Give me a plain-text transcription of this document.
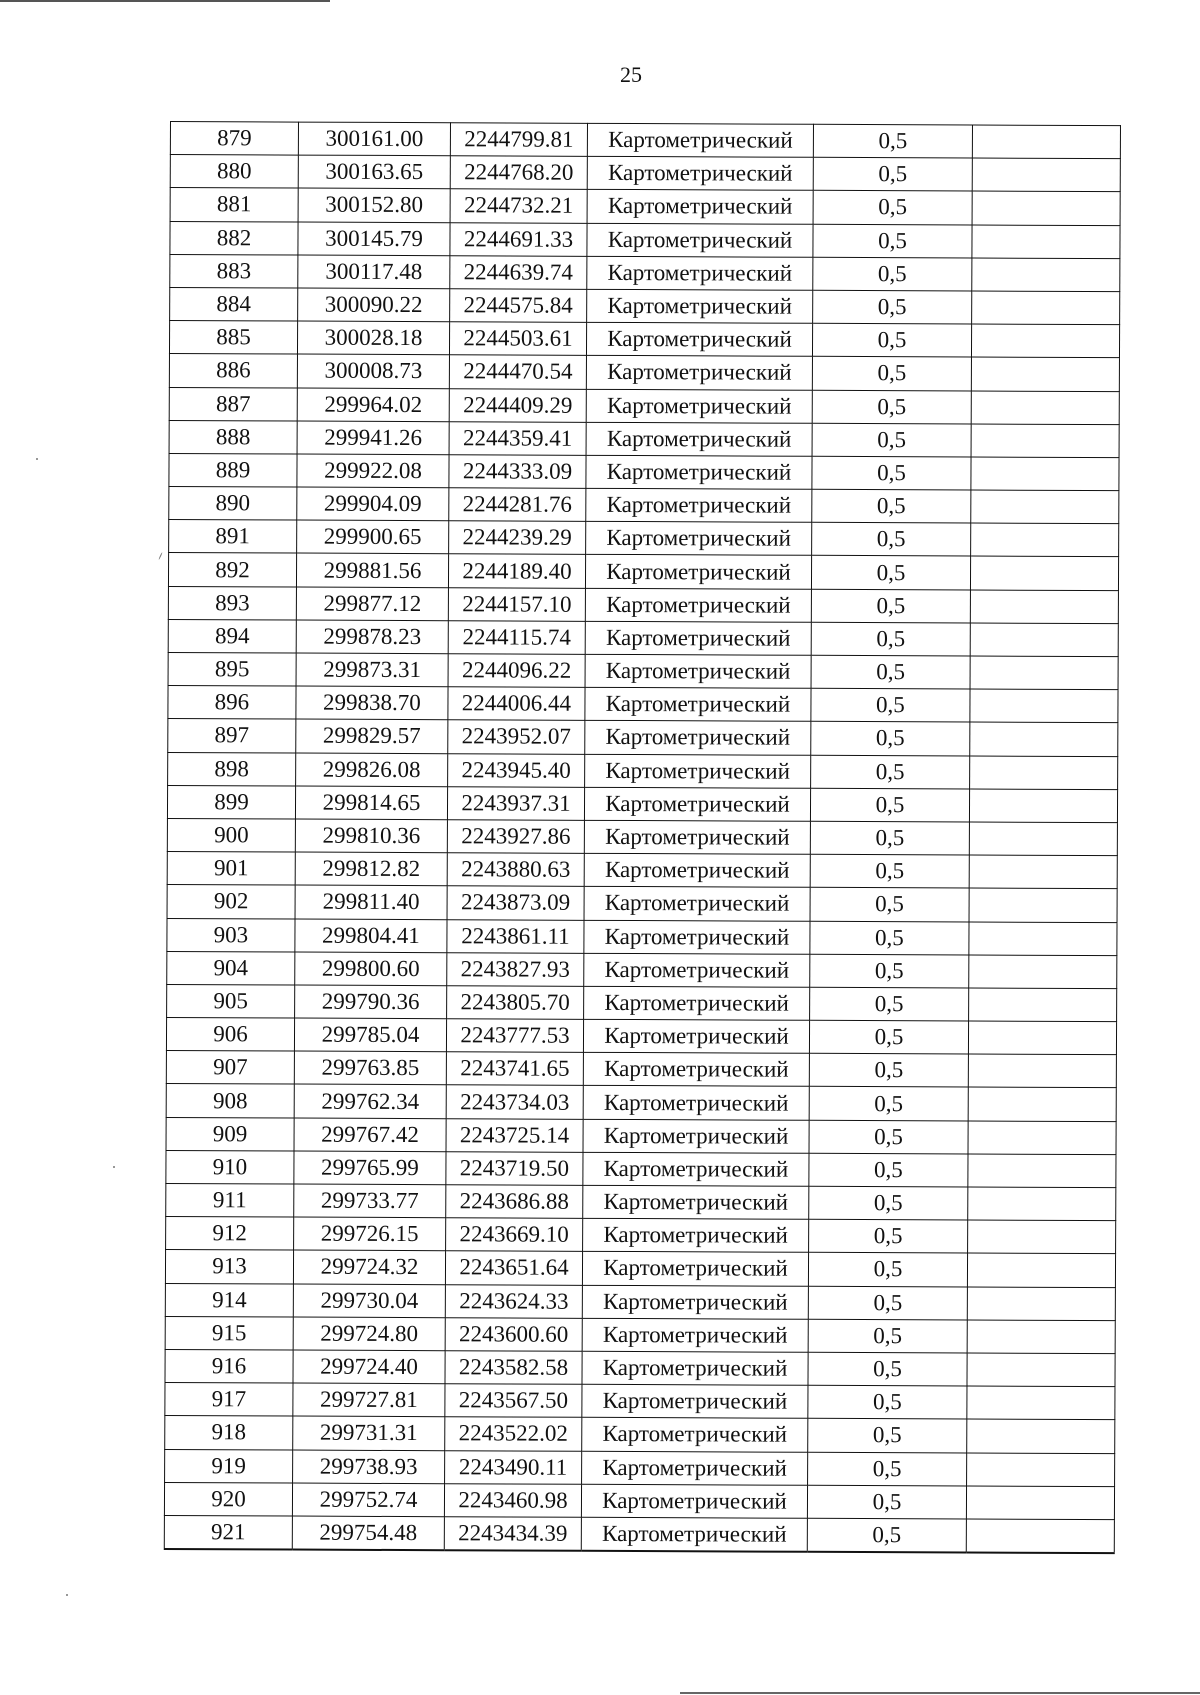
25
879	300161.00	2244799.81	Картометрический	0,5	
880	300163.65	2244768.20	Картометрический	0,5	
881	300152.80	2244732.21	Картометрический	0,5	
882	300145.79	2244691.33	Картометрический	0,5	
883	300117.48	2244639.74	Картометрический	0,5	
884	300090.22	2244575.84	Картометрический	0,5	
885	300028.18	2244503.61	Картометрический	0,5	
886	300008.73	2244470.54	Картометрический	0,5	
887	299964.02	2244409.29	Картометрический	0,5	
888	299941.26	2244359.41	Картометрический	0,5	
889	299922.08	2244333.09	Картометрический	0,5	
890	299904.09	2244281.76	Картометрический	0,5	
891	299900.65	2244239.29	Картометрический	0,5	
892	299881.56	2244189.40	Картометрический	0,5	
893	299877.12	2244157.10	Картометрический	0,5	
894	299878.23	2244115.74	Картометрический	0,5	
895	299873.31	2244096.22	Картометрический	0,5	
896	299838.70	2244006.44	Картометрический	0,5	
897	299829.57	2243952.07	Картометрический	0,5	
898	299826.08	2243945.40	Картометрический	0,5	
899	299814.65	2243937.31	Картометрический	0,5	
900	299810.36	2243927.86	Картометрический	0,5	
901	299812.82	2243880.63	Картометрический	0,5	
902	299811.40	2243873.09	Картометрический	0,5	
903	299804.41	2243861.11	Картометрический	0,5	
904	299800.60	2243827.93	Картометрический	0,5	
905	299790.36	2243805.70	Картометрический	0,5	
906	299785.04	2243777.53	Картометрический	0,5	
907	299763.85	2243741.65	Картометрический	0,5	
908	299762.34	2243734.03	Картометрический	0,5	
909	299767.42	2243725.14	Картометрический	0,5	
910	299765.99	2243719.50	Картометрический	0,5	
911	299733.77	2243686.88	Картометрический	0,5	
912	299726.15	2243669.10	Картометрический	0,5	
913	299724.32	2243651.64	Картометрический	0,5	
914	299730.04	2243624.33	Картометрический	0,5	
915	299724.80	2243600.60	Картометрический	0,5	
916	299724.40	2243582.58	Картометрический	0,5	
917	299727.81	2243567.50	Картометрический	0,5	
918	299731.31	2243522.02	Картометрический	0,5	
919	299738.93	2243490.11	Картометрический	0,5	
920	299752.74	2243460.98	Картометрический	0,5	
921	299754.48	2243434.39	Картометрический	0,5	
